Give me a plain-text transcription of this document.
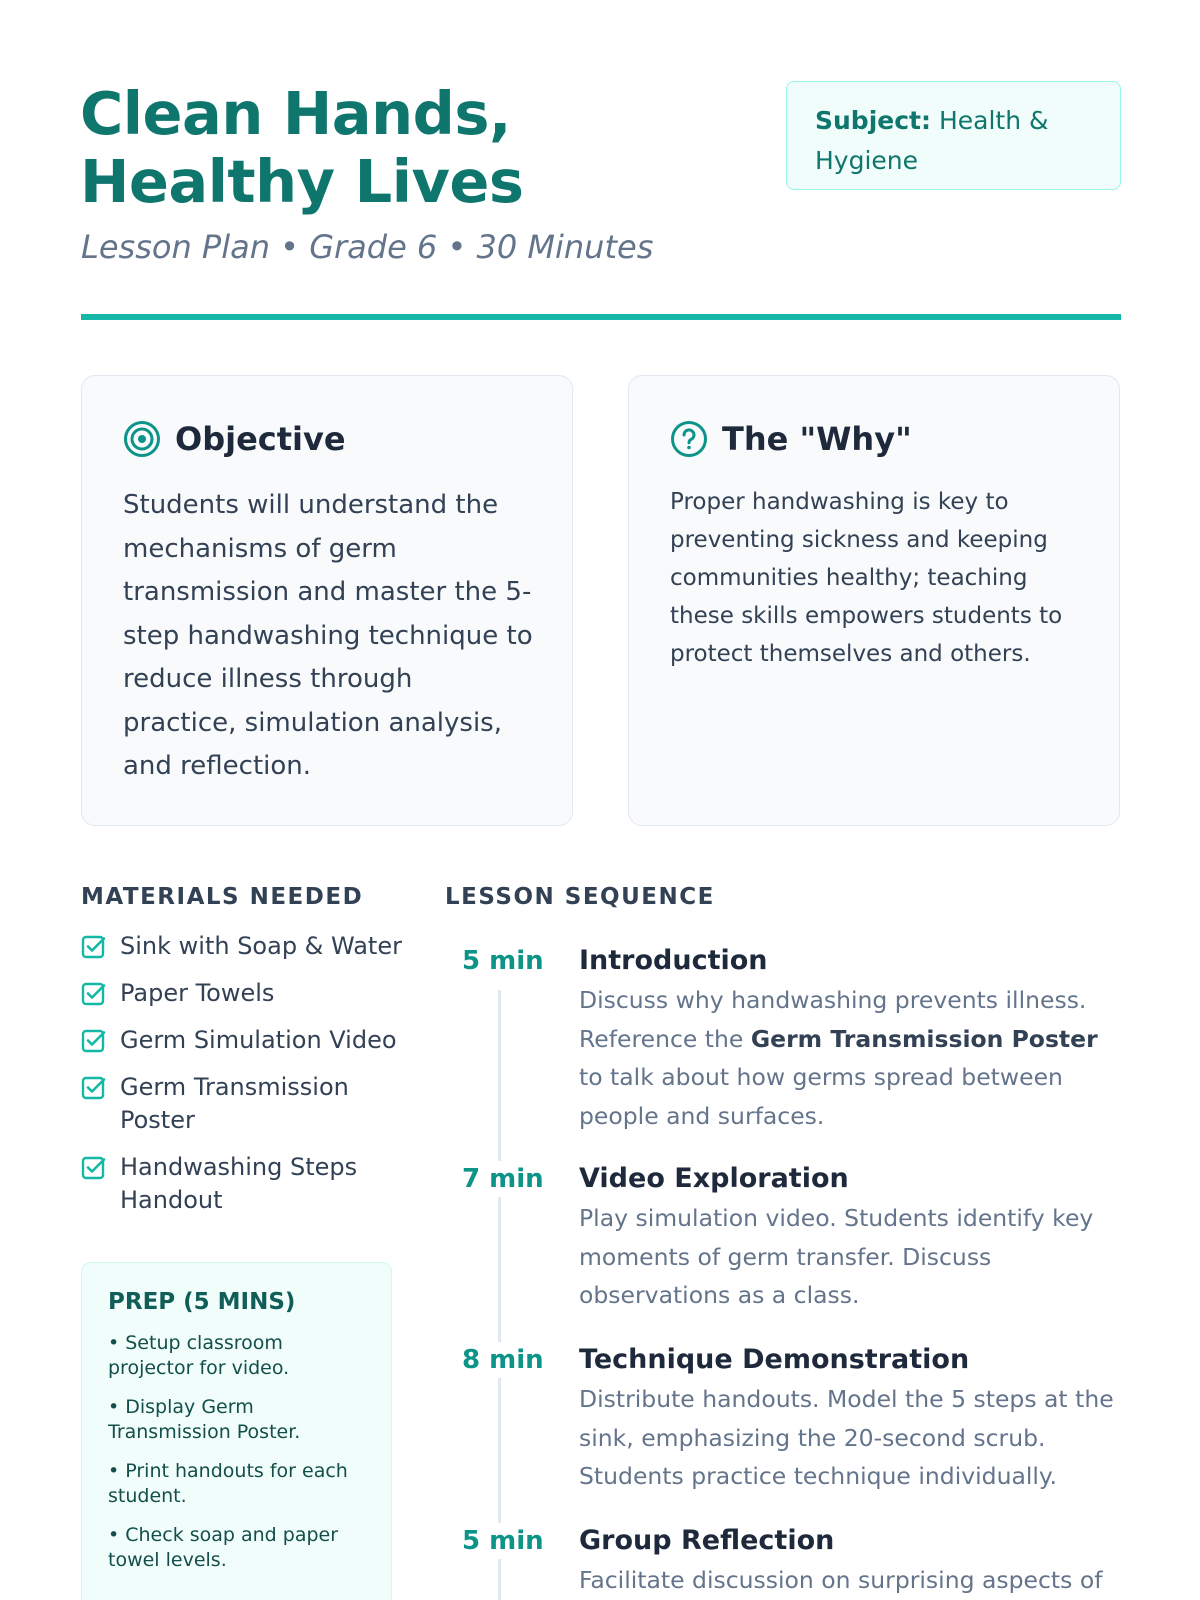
Clean Hands, Healthy Lives
Subject: Health & Hygiene
Lesson Plan • Grade 6 • 30 Minutes
Objective

Students will understand the mechanisms of germ transmission and master the 5-step handwashing technique to reduce illness through practice, simulation analysis, and reflection.

The "Why"

Proper handwashing is key to preventing sickness and keeping communities healthy; teaching these skills empowers students to protect themselves and others.

MATERIALS NEEDED
Sink with Soap & Water
Paper Towels
Germ Simulation Video
Germ Transmission Poster
Handwashing Steps Handout
PREP (5 MINS)
• Setup classroom projector for video.
• Display Germ Transmission Poster.
• Print handouts for each student.
• Check soap and paper towel levels.
LESSON SEQUENCE
5 min	Introduction
Discuss why handwashing prevents illness. Reference the Germ Transmission Poster to talk about how germs spread between people and surfaces.
7 min	Video Exploration
Play simulation video. Students identify key moments of germ transfer. Discuss observations as a class.
8 min	Technique Demonstration
Distribute handouts. Model the 5 steps at the sink, emphasizing the 20-second scrub. Students practice technique individually.
5 min	Group Reflection
Facilitate discussion on surprising aspects of
